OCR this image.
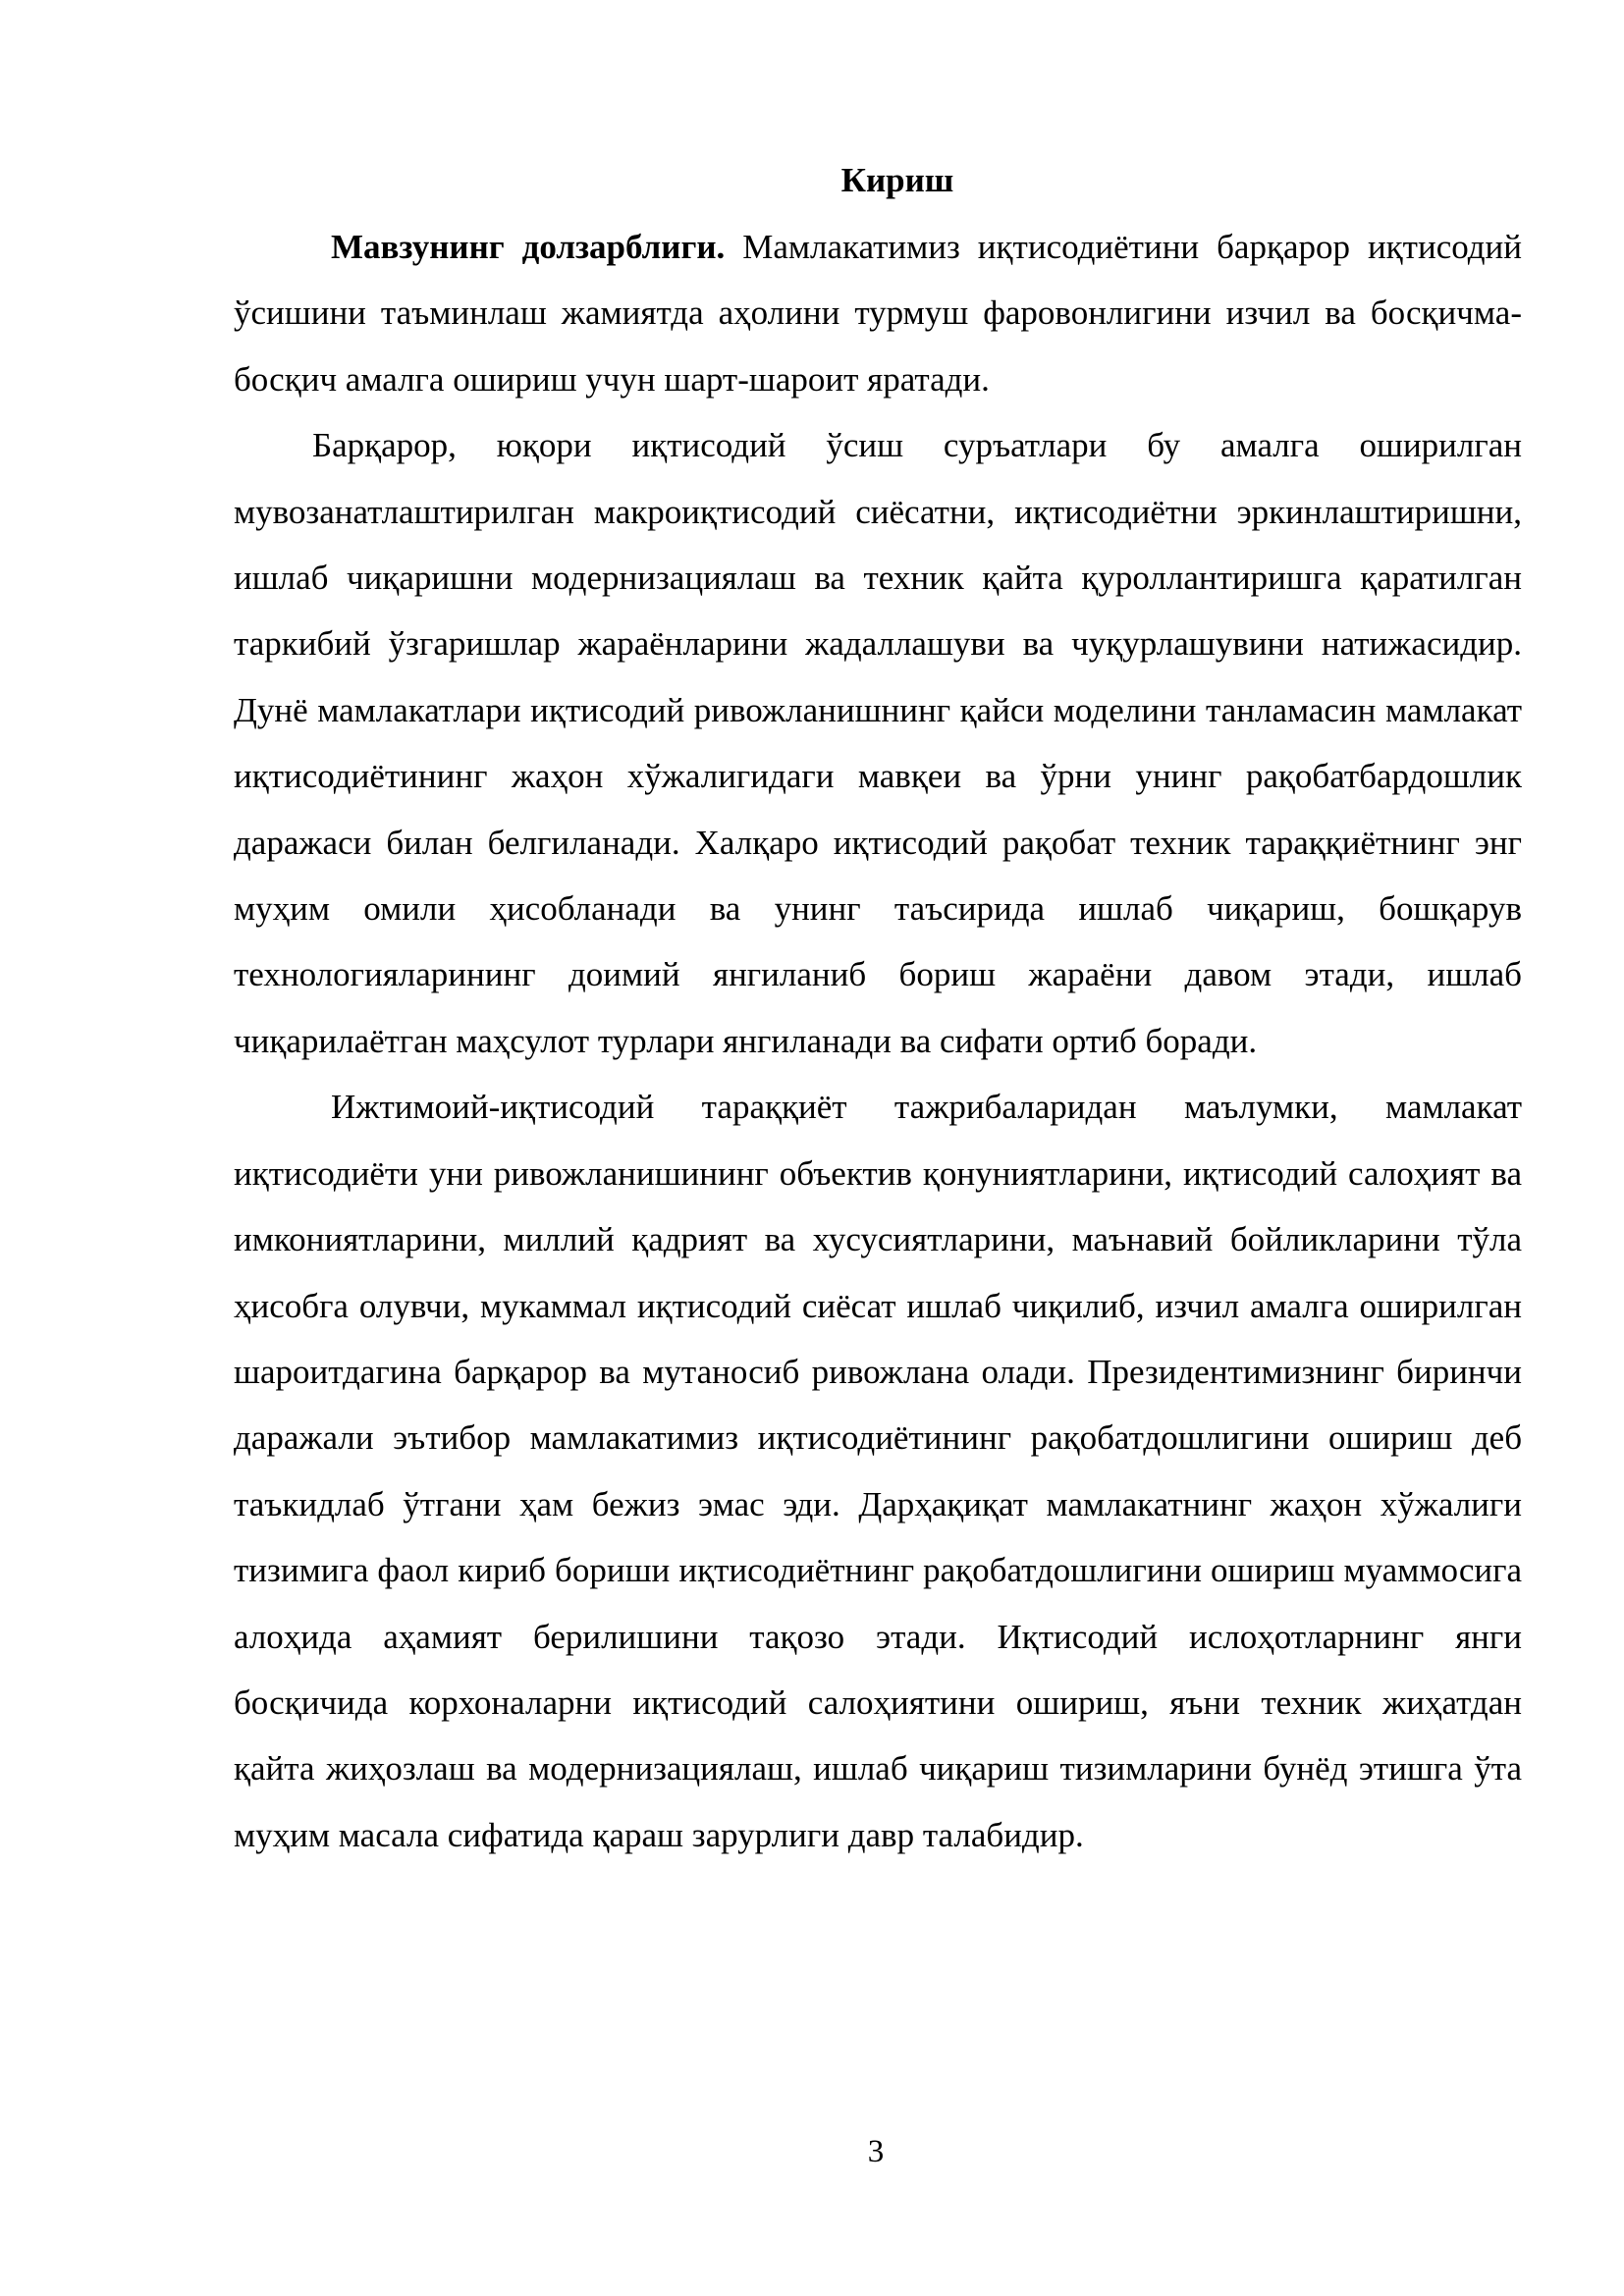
Кириш

Мавзунинг долзарблиги. Мамлакатимиз иқтисодиётини барқарор иқтисодий ўсишини таъминлаш жамиятда аҳолини турмуш фаровонлигини изчил ва босқичма-босқич амалга ошириш учун шарт-шароит яратади.

Барқарор, юқори иқтисодий ўсиш суръатлари бу амалга оширилган мувозанатлаштирилган макроиқтисодий сиёсатни, иқтисодиётни эркинлаштиришни, ишлаб чиқаришни модернизациялаш ва техник қайта қуроллантиришга қаратилган таркибий ўзгаришлар жараёнларини жадаллашуви ва чуқурлашувини натижасидир. Дунё мамлакатлари иқтисодий ривожланишнинг қайси моделини танламасин мамлакат иқтисодиётининг жаҳон хўжалигидаги мавқеи ва ўрни унинг рақобатбардошлик даражаси билан белгиланади. Халқаро иқтисодий рақобат техник тараққиётнинг энг муҳим омили ҳисобланади ва унинг таъсирида ишлаб чиқариш, бошқарув технологияларининг доимий янгиланиб бориш жараёни давом этади, ишлаб чиқарилаётган маҳсулот турлари янгиланади ва сифати ортиб боради.

Ижтимоий-иқтисодий тараққиёт тажрибаларидан маълумки, мамлакат иқтисодиёти уни ривожланишининг объектив қонуниятларини, иқтисодий салоҳият ва имкониятларини, миллий қадрият ва хусусиятларини, маънавий бойликларини тўла ҳисобга олувчи, мукаммал иқтисодий сиёсат ишлаб чиқилиб, изчил амалга оширилган шароитдагина барқарор ва мутаносиб ривожлана олади. Президентимизнинг биринчи даражали эътибор мамлакатимиз иқтисодиётининг рақобатдошлигини ошириш деб таъкидлаб ўтгани ҳам бежиз эмас эди. Дарҳақиқат мамлакатнинг жаҳон хўжалиги тизимига фаол кириб бориши иқтисодиётнинг рақобатдошлигини ошириш муаммосига алоҳида аҳамият берилишини тақозо этади. Иқтисодий ислоҳотларнинг янги босқичида корхоналарни иқтисодий салоҳиятини ошириш, яъни техник жиҳатдан қайта жиҳозлаш ва модернизациялаш, ишлаб чиқариш тизимларини бунёд этишга ўта муҳим масала сифатида қараш зарурлиги давр талабидир.

3
